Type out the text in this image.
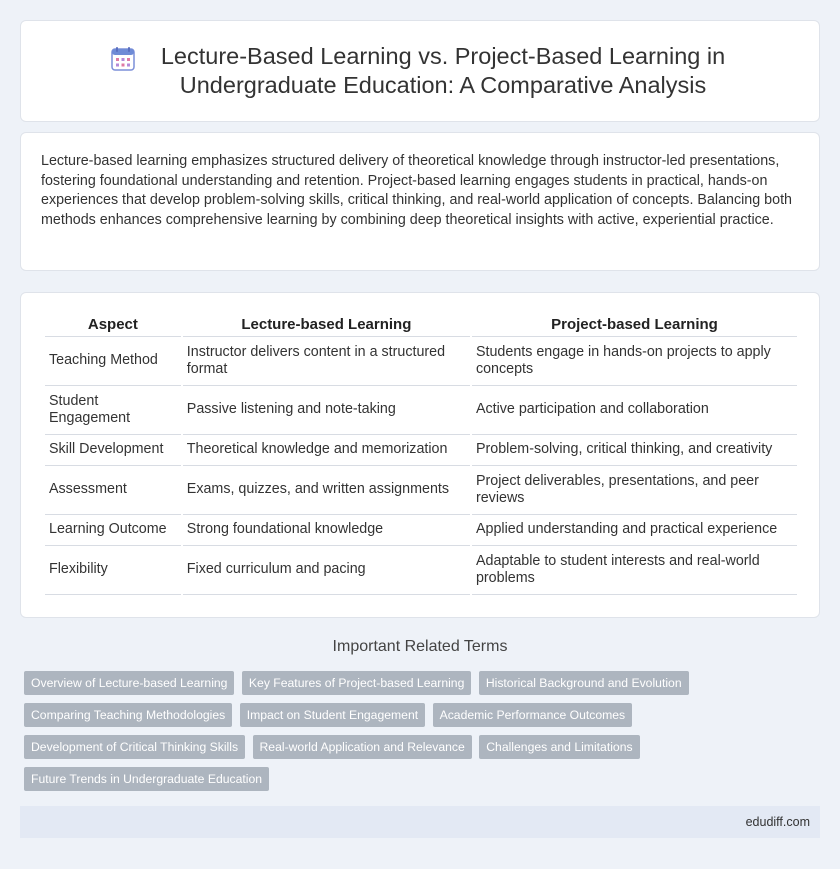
Lecture-Based Learning vs. Project-Based Learning in Undergraduate Education: A Comparative Analysis

Lecture-based learning emphasizes structured delivery of theoretical knowledge through instructor-led presentations, fostering foundational understanding and retention. Project-based learning engages students in practical, hands-on experiences that develop problem-solving skills, critical thinking, and real-world application of concepts. Balancing both methods enhances comprehensive learning by combining deep theoretical insights with active, experiential practice.

Aspect	Lecture-based Learning	Project-based Learning
Teaching Method	Instructor delivers content in a structured format	Students engage in hands-on projects to apply concepts
Student Engagement	Passive listening and note-taking	Active participation and collaboration
Skill Development	Theoretical knowledge and memorization	Problem-solving, critical thinking, and creativity
Assessment	Exams, quizzes, and written assignments	Project deliverables, presentations, and peer reviews
Learning Outcome	Strong foundational knowledge	Applied understanding and practical experience
Flexibility	Fixed curriculum and pacing	Adaptable to student interests and real-world problems
Important Related Terms
Overview of Lecture-based Learning Key Features of Project-based Learning Historical Background and Evolution Comparing Teaching Methodologies Impact on Student Engagement Academic Performance Outcomes Development of Critical Thinking Skills Real-world Application and Relevance Challenges and Limitations Future Trends in Undergraduate Education
edudiff.com
